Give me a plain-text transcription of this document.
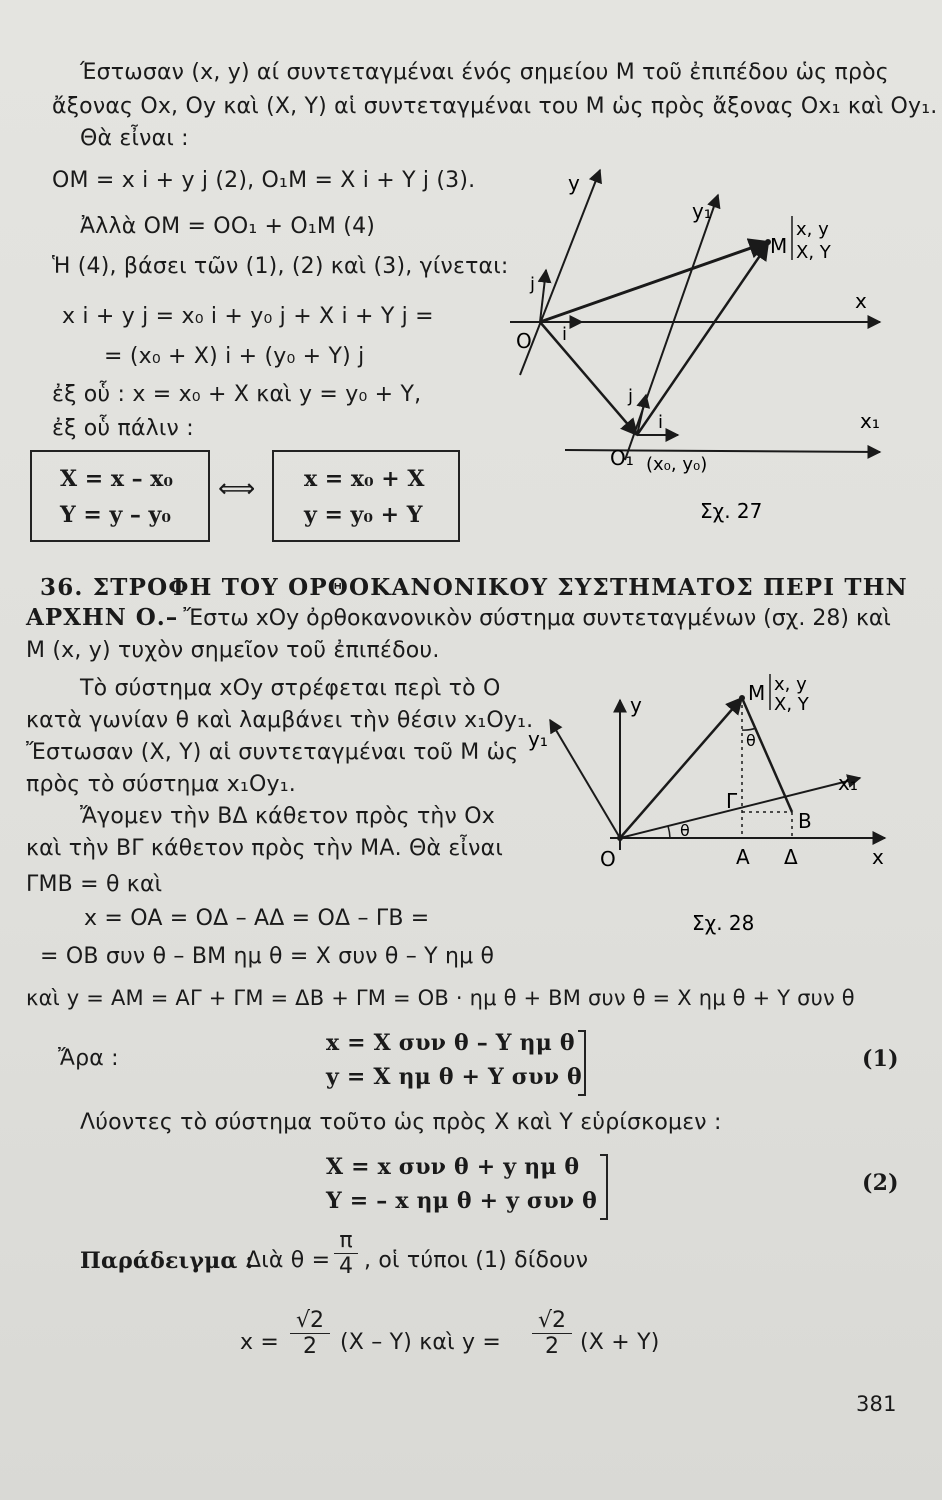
Έστωσαν (x, y) αί συντεταγμέναι ένός σημείου Μ τοῦ ἐπιπέδου ὡς πρὸς
ἄξονας Ox, Oy καὶ (X, Y) αἱ συντεταγμέναι του Μ ὡς πρὸς ἄξονας Ox₁ καὶ Oy₁.
Θὰ εἶναι :
OM = x i + y j (2), O₁M = X i + Y j (3).
Ἀλλὰ OM = OO₁ + O₁M (4)
Ἡ (4), βάσει τῶν (1), (2) καὶ (3), γίνεται:
x i + y j = x₀ i + y₀ j + X i + Y j =
= (x₀ + X) i + (y₀ + Y) j
ἐξ οὗ : x = x₀ + X καὶ y = y₀ + Y,
ἐξ οὗ πάλιν :
X = x – x₀
Y = y – y₀
⟺ x = x₀ + X
y = y₀ + Y
M
x, y
X, Y
y
y₁
x
x₁
O
O₁ (x₀, y₀)
j
i
j
i
Σχ. 27
36. ΣΤΡΟΦΗ ΤΟΥ ΟΡΘΟΚΑΝΟΝΙΚΟΥ ΣΥΣΤΗΜΑΤΟΣ ΠΕΡΙ ΤΗΝ
ΑΡΧΗΝ Ο.– Ἔστω xOy ὀρθοκανονικὸν σύστημα συντεταγμένων (σχ. 28) καὶ
M (x, y) τυχὸν σημεῖον τοῦ ἐπιπέδου.
Τὸ σύστημα xOy στρέφεται περὶ τὸ Ο
κατὰ γωνίαν θ καὶ λαμβάνει τὴν θέσιν x₁Oy₁.
Ἔστωσαν (X, Y) αἱ συντεταγμέναι τοῦ Μ ὡς
πρὸς τὸ σύστημα x₁Oy₁.
Ἄγομεν τὴν ΒΔ κάθετον πρὸς τὴν Ox
καὶ τὴν ΒΓ κάθετον πρὸς τὴν ΜΑ. Θὰ εἶναι
ΓMB = θ καὶ
M x, y
X, Y
y
y₁
x
x₁
O	A Δ
Γ
B
θ
θ
Σχ. 28
x = OA = OΔ – AΔ = OΔ – ΓB =
= OB συν θ – BM ημ θ = X συν θ – Y ημ θ
καὶ y = AM = AΓ + ΓM = ΔB + ΓM = OB · ημ θ + BM συν θ = X ημ θ + Y συν θ
Ἄρα :
x = X συν θ – Y ημ θ
y = X ημ θ + Y συν θ
(1)
Λύοντες τὸ σύστημα τοῦτο ὡς πρὸς X καὶ Y εὑρίσκομεν :
X = x συν θ + y ημ θ
Y = – x ημ θ + y συν θ
(2)
Παράδειγμα :
Διὰ $\theta = \frac{\pi}{4}$ , οἱ τύποι (1) δίδουν
$x = \frac{√2}{2} (X - Y)$ καὶ $y = \frac{√2}{2} (X + Y)$
381
